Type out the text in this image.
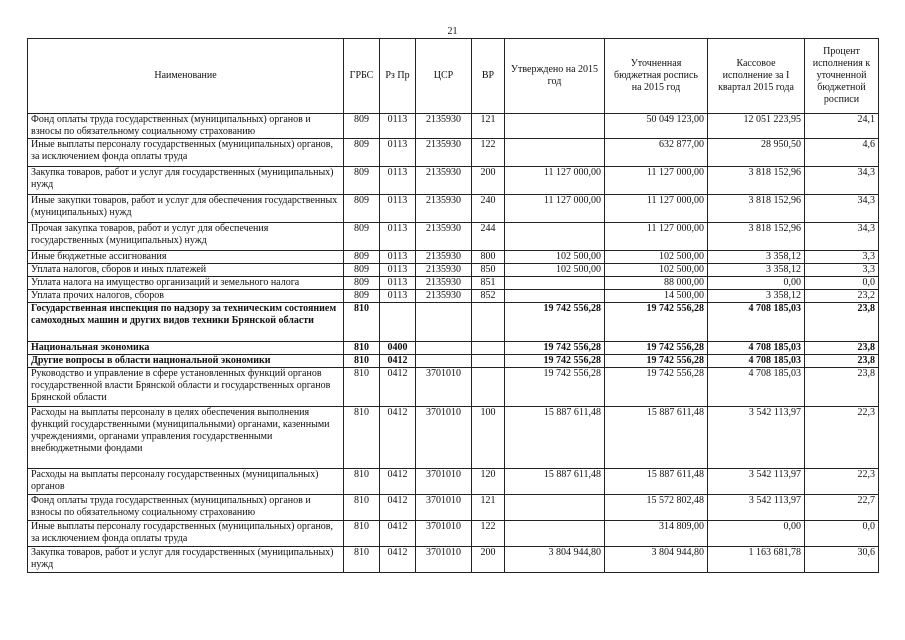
21
Наименование	ГРБС	Рз Пр	ЦСР	ВР	Утверждено на 2015 год	Уточненная бюджетная роспись на 2015 год	Кассовое исполнение за I квартал 2015 года	Процент исполнения к уточненной бюджетной росписи
Фонд оплаты труда государственных (муниципальных) органов и взносы по обязательному социальному страхованию	809	0113	2135930	121		50 049 123,00	12 051 223,95	24,1
Иные выплаты персоналу государственных (муниципальных) органов, за исключением фонда оплаты труда	809	0113	2135930	122		632 877,00	28 950,50	4,6
Закупка товаров, работ и услуг для государственных (муниципальных) нужд	809	0113	2135930	200	11 127 000,00	11 127 000,00	3 818 152,96	34,3
Иные закупки товаров, работ и услуг для обеспечения государственных (муниципальных) нужд	809	0113	2135930	240	11 127 000,00	11 127 000,00	3 818 152,96	34,3
Прочая закупка товаров, работ и услуг для обеспечения государственных (муниципальных) нужд	809	0113	2135930	244		11 127 000,00	3 818 152,96	34,3
Иные бюджетные ассигнования	809	0113	2135930	800	102 500,00	102 500,00	3 358,12	3,3
Уплата налогов, сборов и иных платежей	809	0113	2135930	850	102 500,00	102 500,00	3 358,12	3,3
Уплата налога на имущество организаций и земельного налога	809	0113	2135930	851		88 000,00	0,00	0,0
Уплата прочих налогов, сборов	809	0113	2135930	852		14 500,00	3 358,12	23,2
Государственная инспекция по надзору за техническим состоянием самоходных машин и других видов техники Брянской области	810				19 742 556,28	19 742 556,28	4 708 185,03	23,8
Национальная экономика	810	0400			19 742 556,28	19 742 556,28	4 708 185,03	23,8
Другие вопросы в области национальной экономики	810	0412			19 742 556,28	19 742 556,28	4 708 185,03	23,8
Руководство и управление в сфере установленных функций органов государственной власти Брянской области и государственных органов Брянской области	810	0412	3701010		19 742 556,28	19 742 556,28	4 708 185,03	23,8
Расходы на выплаты персоналу в целях обеспечения выполнения функций государственными (муниципальными) органами, казенными учреждениями, органами управления государственными внебюджетными фондами	810	0412	3701010	100	15 887 611,48	15 887 611,48	3 542 113,97	22,3
Расходы на выплаты персоналу государственных (муниципальных) органов	810	0412	3701010	120	15 887 611,48	15 887 611,48	3 542 113,97	22,3
Фонд оплаты труда государственных (муниципальных) органов и взносы по обязательному социальному страхованию	810	0412	3701010	121		15 572 802,48	3 542 113,97	22,7
Иные выплаты персоналу государственных (муниципальных) органов, за исключением фонда оплаты труда	810	0412	3701010	122		314 809,00	0,00	0,0
Закупка товаров, работ и услуг для государственных (муниципальных) нужд	810	0412	3701010	200	3 804 944,80	3 804 944,80	1 163 681,78	30,6
